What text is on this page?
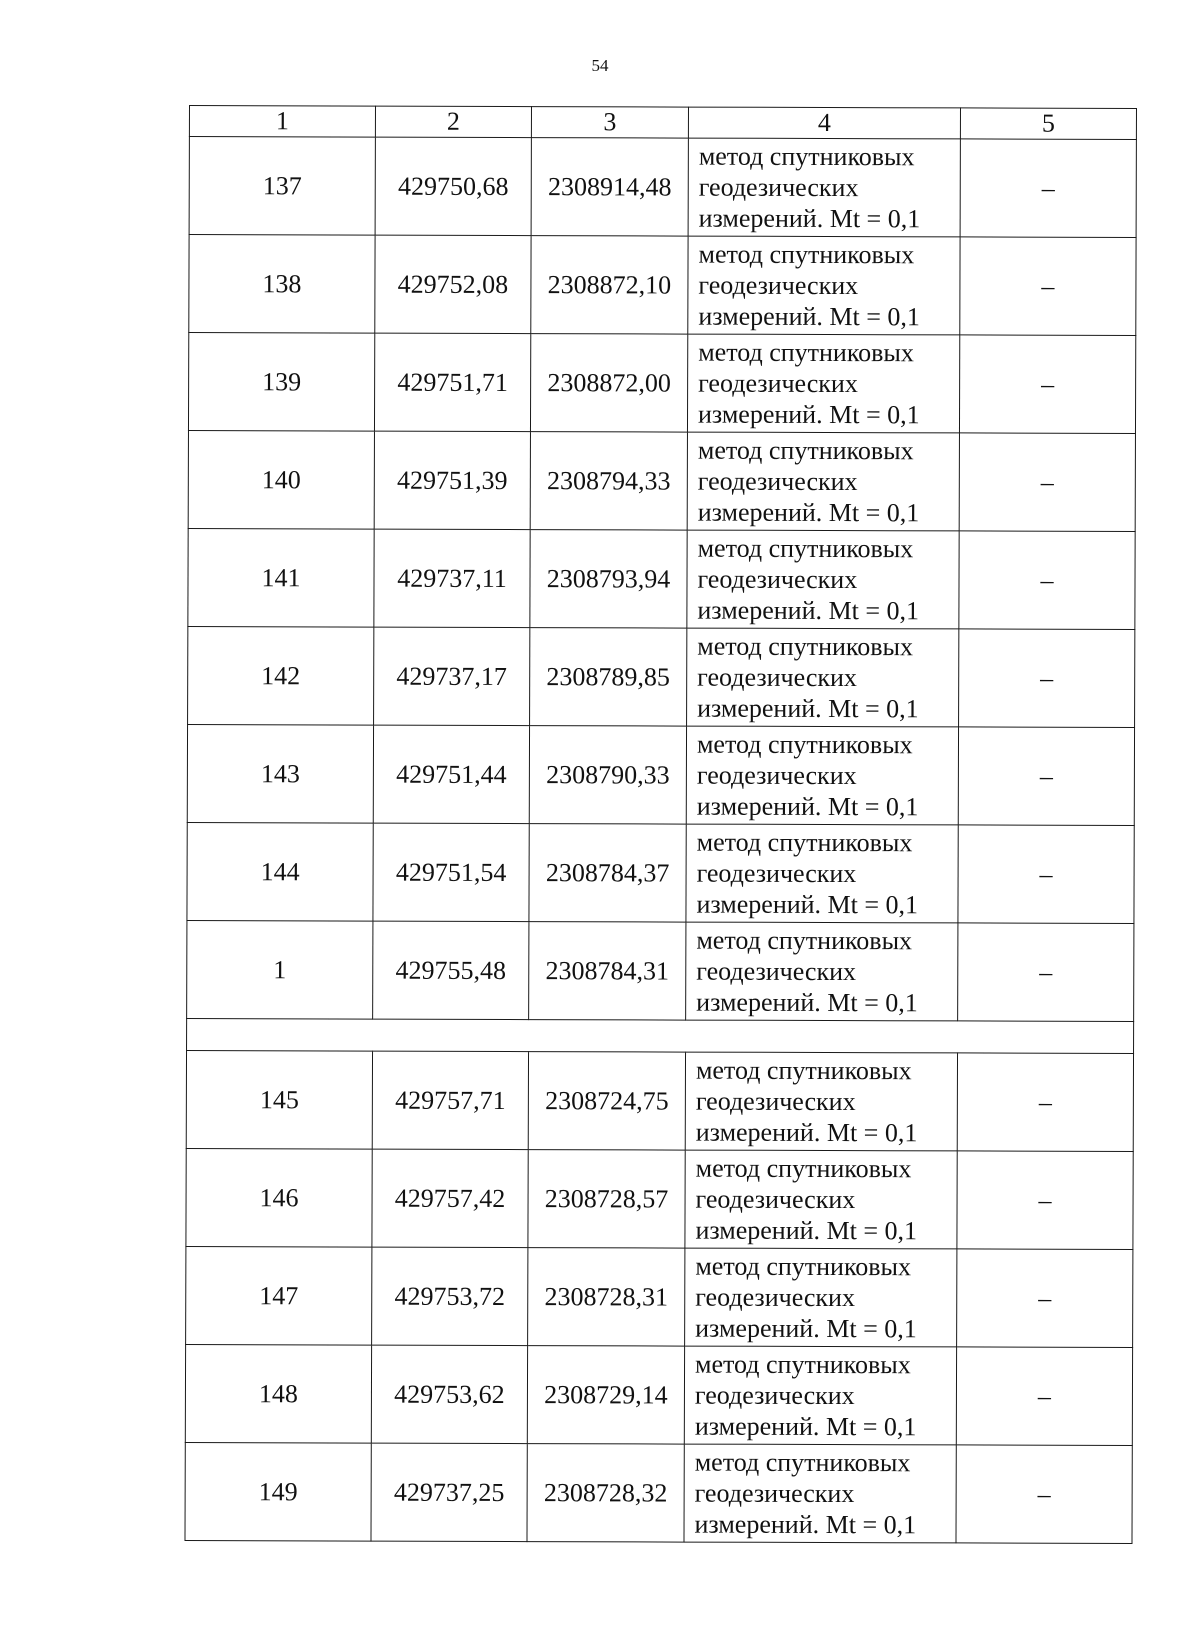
54
1	2	3	4	5
137	429750,68	2308914,48	метод спутниковых
геодезических
измерений. Mt = 0,1	–
138	429752,08	2308872,10	метод спутниковых
геодезических
измерений. Mt = 0,1	–
139	429751,71	2308872,00	метод спутниковых
геодезических
измерений. Mt = 0,1	–
140	429751,39	2308794,33	метод спутниковых
геодезических
измерений. Mt = 0,1	–
141	429737,11	2308793,94	метод спутниковых
геодезических
измерений. Mt = 0,1	–
142	429737,17	2308789,85	метод спутниковых
геодезических
измерений. Mt = 0,1	–
143	429751,44	2308790,33	метод спутниковых
геодезических
измерений. Mt = 0,1	–
144	429751,54	2308784,37	метод спутниковых
геодезических
измерений. Mt = 0,1	–
1	429755,48	2308784,31	метод спутниковых
геодезических
измерений. Mt = 0,1	–

145	429757,71	2308724,75	метод спутниковых
геодезических
измерений. Mt = 0,1	–
146	429757,42	2308728,57	метод спутниковых
геодезических
измерений. Mt = 0,1	–
147	429753,72	2308728,31	метод спутниковых
геодезических
измерений. Mt = 0,1	–
148	429753,62	2308729,14	метод спутниковых
геодезических
измерений. Mt = 0,1	–
149	429737,25	2308728,32	метод спутниковых
геодезических
измерений. Mt = 0,1	–
